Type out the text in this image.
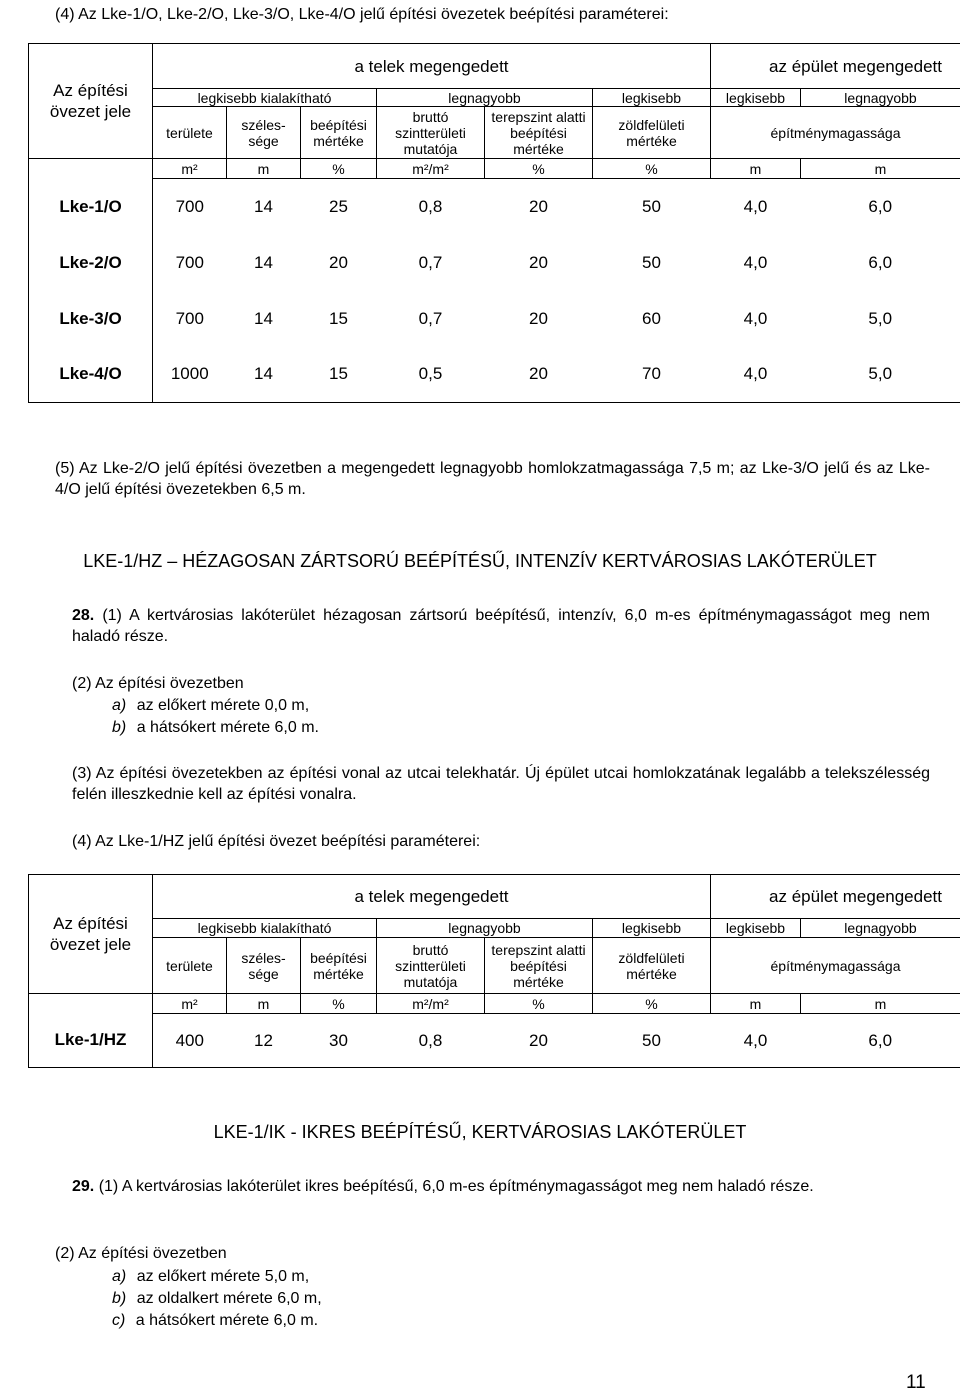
(4) Az Lke-1/O, Lke-2/O, Lke-3/O, Lke-4/O jelű építési övezetek beépítési paraméterei:
Az építési övezet jele	a telek megengedett						az épület megengedett	
	legkisebb kialakítható			legnagyobb		legkisebb	legkisebb	legnagyobb
	területe	széles-sége	beépítési mértéke	bruttó szintterületi mutatója	terepszint alatti beépítési mértéke	zöldfelületi mértéke	építménymagassága	
	m²	m	%	m²/m²	%	%	m	m
Lke-1/O	700	14	25	0,8	20	50	4,0	6,0
Lke-2/O	700	14	20	0,7	20	50	4,0	6,0
Lke-3/O	700	14	15	0,7	20	60	4,0	5,0
Lke-4/O	1000	14	15	0,5	20	70	4,0	5,0
(5) Az Lke-2/O jelű építési övezetben a megengedett legnagyobb homlokzatmagassága 7,5 m; az Lke-3/O jelű és az Lke-4/O jelű építési övezetekben 6,5 m.
LKE-1/HZ – HÉZAGOSAN ZÁRTSORÚ BEÉPÍTÉSŰ, INTENZÍV KERTVÁROSIAS LAKÓTERÜLET
28. (1) A kertvárosias lakóterület hézagosan zártsorú beépítésű, intenzív, 6,0 m-es építménymagasságot meg nem haladó része.
(2) Az építési övezetben
a) az előkert mérete 0,0 m,
b) a hátsókert mérete 6,0 m.
(3) Az építési övezetekben az építési vonal az utcai telekhatár. Új épület utcai homlokzatának legalább a telekszélesség felén illeszkednie kell az építési vonalra.
(4) Az Lke-1/HZ jelű építési övezet beépítési paraméterei:
Az építési övezet jele	a telek megengedett						az épület megengedett	
	legkisebb kialakítható			legnagyobb		legkisebb	legkisebb	legnagyobb
	területe	széles-sége	beépítési mértéke	bruttó szintterületi mutatója	terepszint alatti beépítési mértéke	zöldfelületi mértéke	építménymagassága	
	m²	m	%	m²/m²	%	%	m	m
Lke-1/HZ	400	12	30	0,8	20	50	4,0	6,0
LKE-1/IK - IKRES BEÉPÍTÉSŰ, KERTVÁROSIAS LAKÓTERÜLET
29. (1) A kertvárosias lakóterület ikres beépítésű, 6,0 m-es építménymagasságot meg nem haladó része.
(2) Az építési övezetben
a) az előkert mérete 5,0 m,
b) az oldalkert mérete 6,0 m,
c) a hátsókert mérete 6,0 m.
11
